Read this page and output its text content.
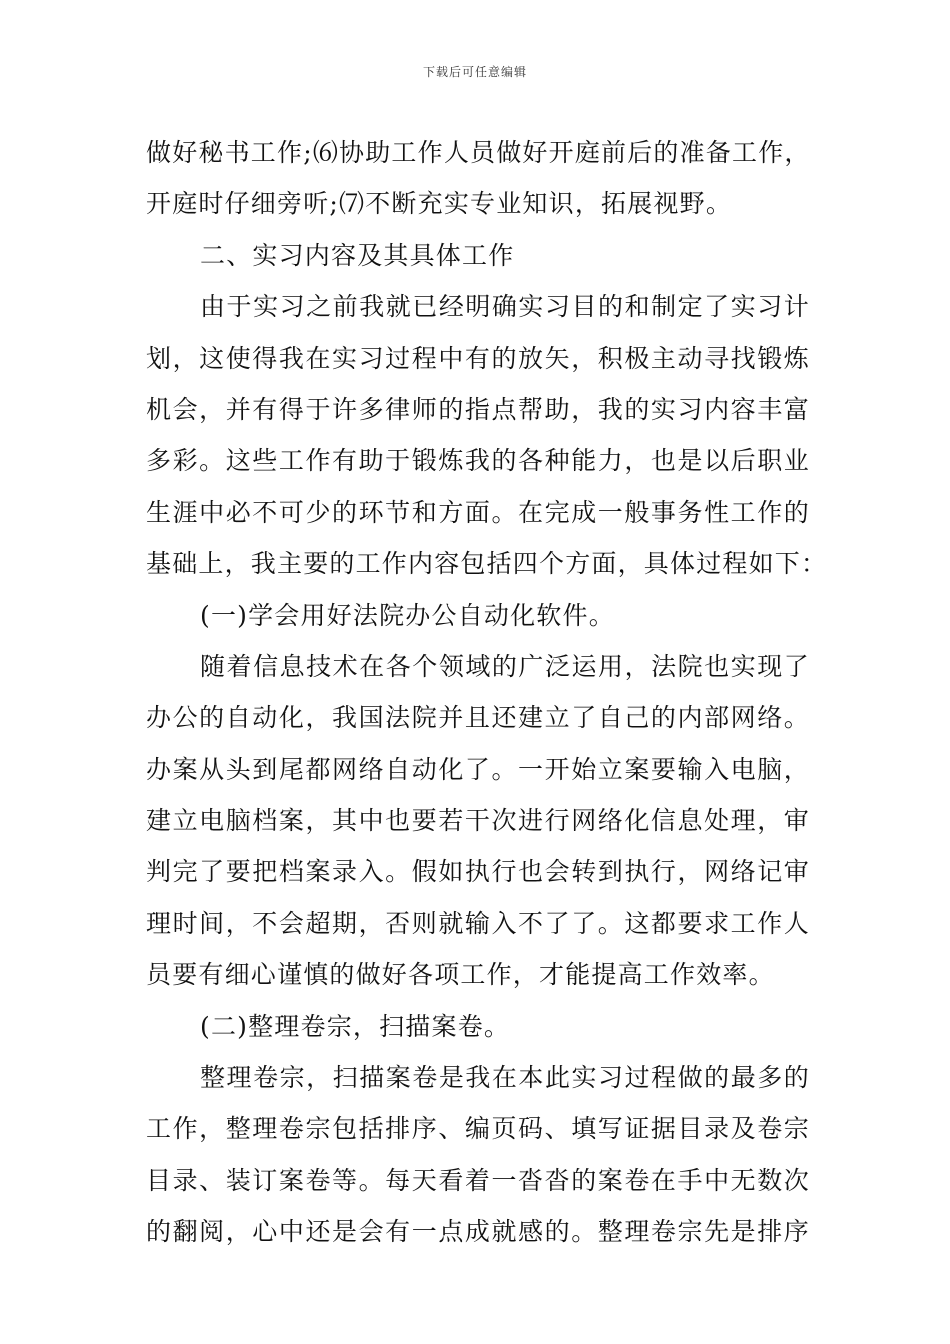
下载后可任意编辑
做好秘书工作;⑹协助工作人员做好开庭前后的准备工作，
开庭时仔细旁听;⑺不断充实专业知识，拓展视野。
二、实习内容及其具体工作
由于实习之前我就已经明确实习目的和制定了实习计
划，这使得我在实习过程中有的放矢，积极主动寻找锻炼
机会，并有得于许多律师的指点帮助，我的实习内容丰富
多彩。这些工作有助于锻炼我的各种能力，也是以后职业
生涯中必不可少的环节和方面。在完成一般事务性工作的
基础上，我主要的工作内容包括四个方面，具体过程如下：
(一)学会用好法院办公自动化软件。
随着信息技术在各个领域的广泛运用，法院也实现了
办公的自动化，我国法院并且还建立了自己的内部网络。
办案从头到尾都网络自动化了。一开始立案要输入电脑，
建立电脑档案，其中也要若干次进行网络化信息处理，审
判完了要把档案录入。假如执行也会转到执行，网络记审
理时间，不会超期，否则就输入不了了。这都要求工作人
员要有细心谨慎的做好各项工作，才能提高工作效率。
(二)整理卷宗，扫描案卷。
整理卷宗，扫描案卷是我在本此实习过程做的最多的
工作，整理卷宗包括排序、编页码、填写证据目录及卷宗
目录、装订案卷等。每天看着一沓沓的案卷在手中无数次
的翻阅，心中还是会有一点成就感的。整理卷宗先是排序
